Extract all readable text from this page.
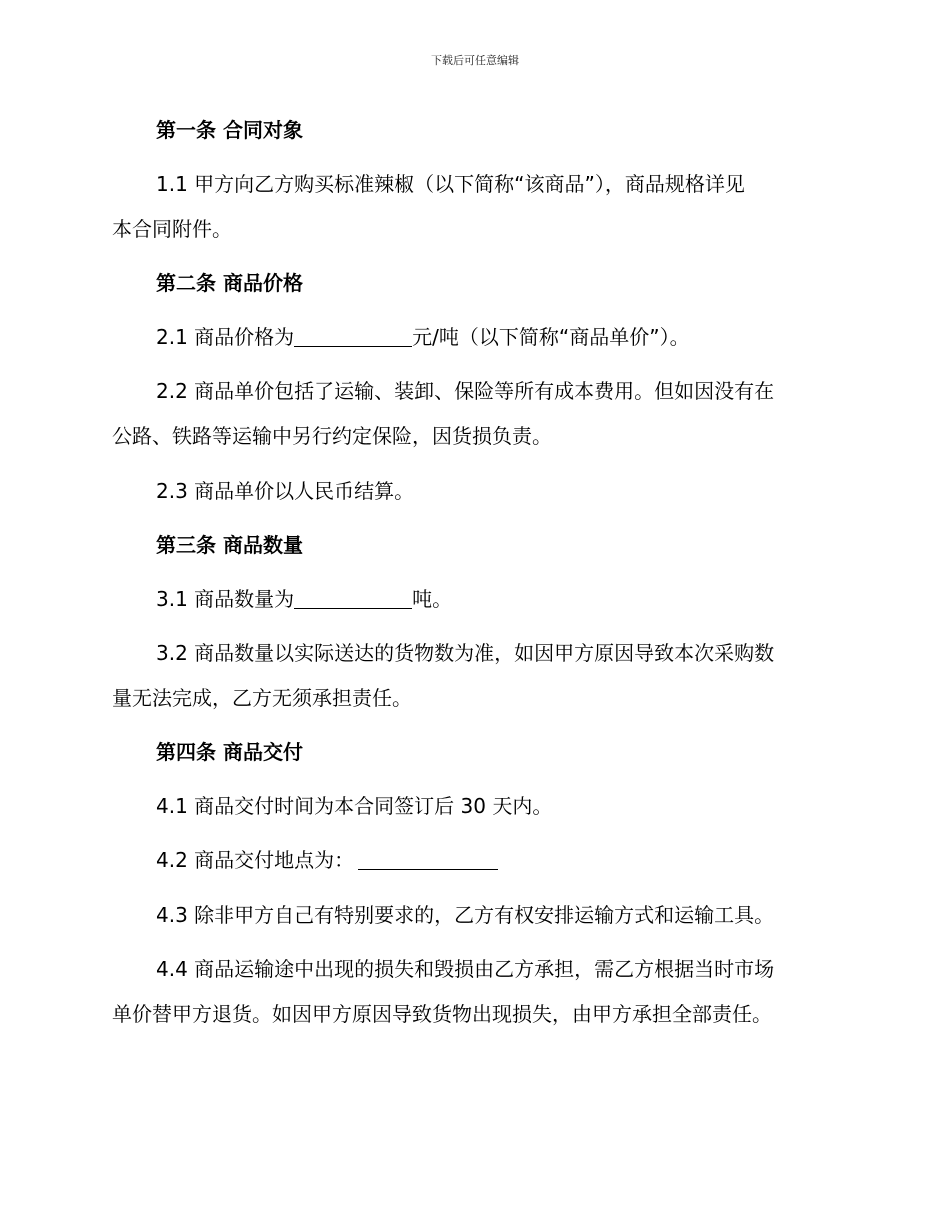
下载后可任意编辑
第一条 合同对象
1.1 甲方向乙方购买标准辣椒（以下简称“该商品”），商品规格详见
本合同附件。
第二条 商品价格
2.1 商品价格为	元/吨（以下简称“商品单价”）。
2.2 商品单价包括了运输、装卸、保险等所有成本费用。但如因没有在
公路、铁路等运输中另行约定保险，因货损负责。
2.3 商品单价以人民币结算。
第三条 商品数量
3.1 商品数量为	吨。
3.2 商品数量以实际送达的货物数为准，如因甲方原因导致本次采购数
量无法完成，乙方无须承担责任。
第四条 商品交付
4.1 商品交付时间为本合同签订后 30 天内。
4.2 商品交付地点为：
4.3 除非甲方自己有特别要求的，乙方有权安排运输方式和运输工具。
4.4 商品运输途中出现的损失和毁损由乙方承担，需乙方根据当时市场
单价替甲方退货。如因甲方原因导致货物出现损失，由甲方承担全部责任。
